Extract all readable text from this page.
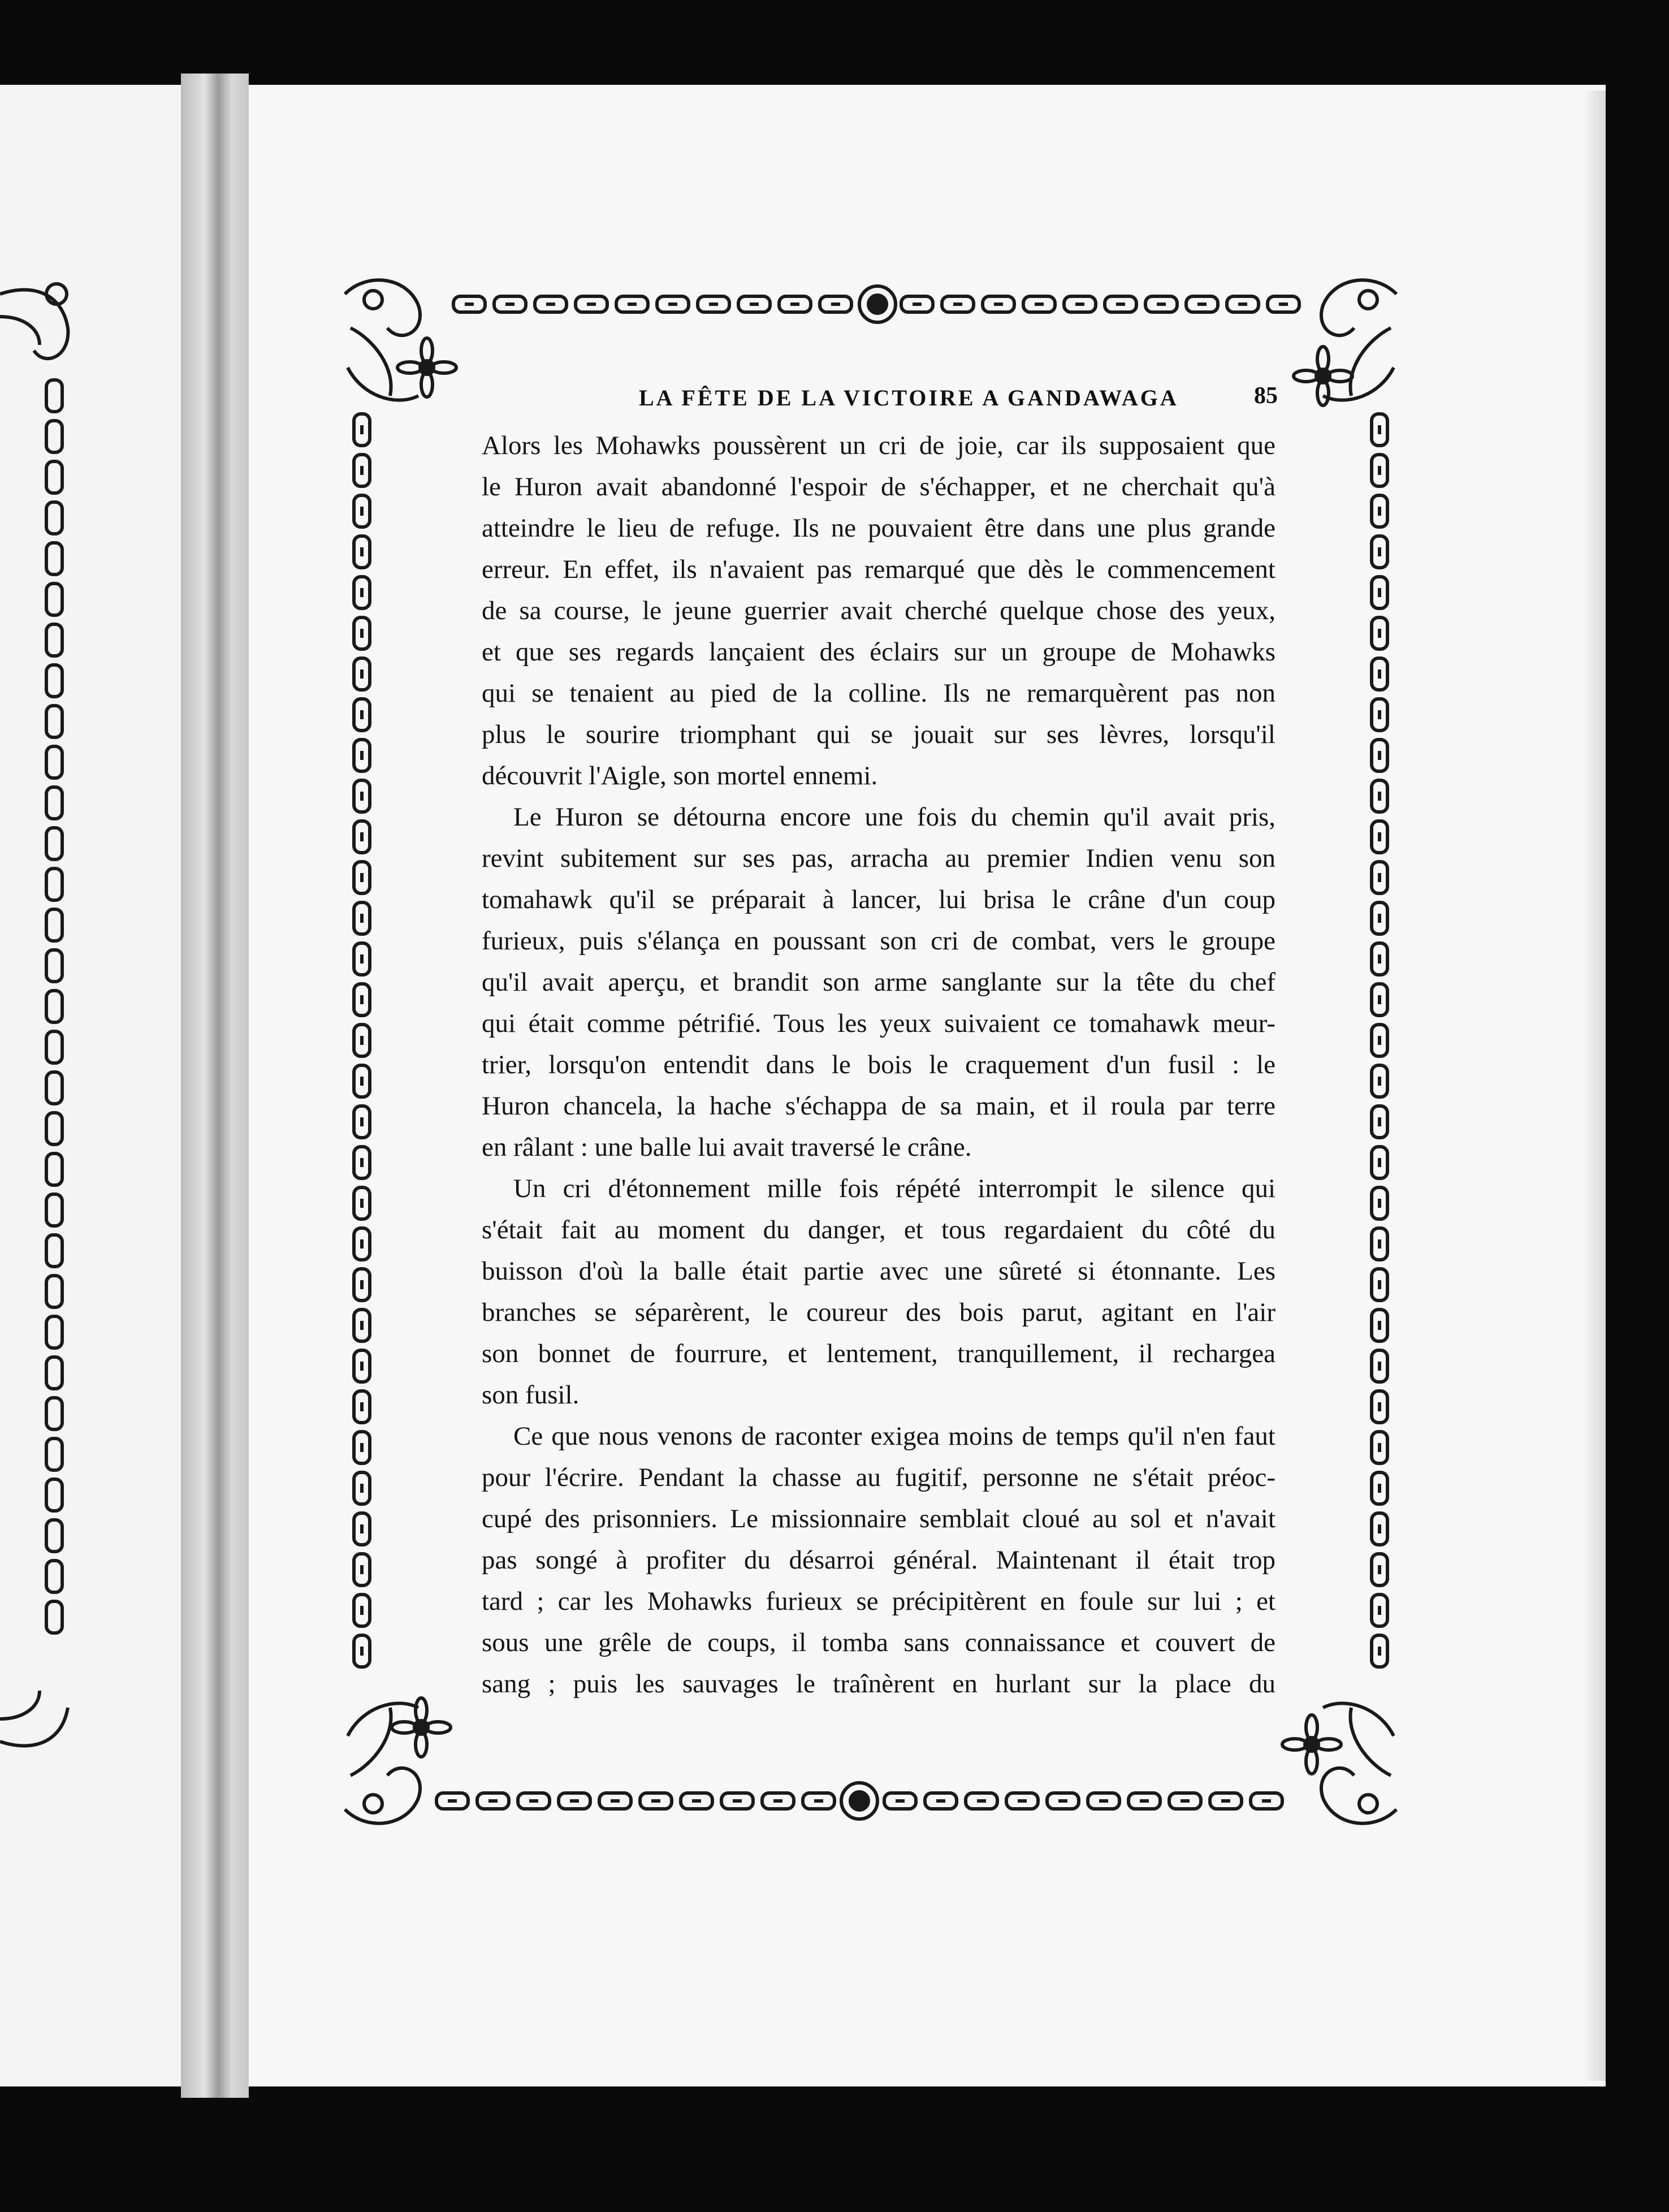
LA FÊTE DE LA VICTOIRE A GANDAWAGA	85
Alors les Mohawks poussèrent un cri de joie, car ils supposaient que
le Huron avait abandonné l'espoir de s'échapper, et ne cherchait qu'à
atteindre le lieu de refuge. Ils ne pouvaient être dans une plus grande
erreur. En effet, ils n'avaient pas remarqué que dès le commencement
de sa course, le jeune guerrier avait cherché quelque chose des yeux,
et que ses regards lançaient des éclairs sur un groupe de Mohawks
qui se tenaient au pied de la colline. Ils ne remarquèrent pas non
plus le sourire triomphant qui se jouait sur ses lèvres, lorsqu'il
découvrit l'Aigle, son mortel ennemi.
Le Huron se détourna encore une fois du chemin qu'il avait pris,
revint subitement sur ses pas, arracha au premier Indien venu son
tomahawk qu'il se préparait à lancer, lui brisa le crâne d'un coup
furieux, puis s'élança en poussant son cri de combat, vers le groupe
qu'il avait aperçu, et brandit son arme sanglante sur la tête du chef
qui était comme pétrifié. Tous les yeux suivaient ce tomahawk meur-
trier, lorsqu'on entendit dans le bois le craquement d'un fusil : le
Huron chancela, la hache s'échappa de sa main, et il roula par terre
en râlant : une balle lui avait traversé le crâne.
Un cri d'étonnement mille fois répété interrompit le silence qui
s'était fait au moment du danger, et tous regardaient du côté du
buisson d'où la balle était partie avec une sûreté si étonnante. Les
branches se séparèrent, le coureur des bois parut, agitant en l'air
son bonnet de fourrure, et lentement, tranquillement, il rechargea
son fusil.
Ce que nous venons de raconter exigea moins de temps qu'il n'en faut
pour l'écrire. Pendant la chasse au fugitif, personne ne s'était préoc-
cupé des prisonniers. Le missionnaire semblait cloué au sol et n'avait
pas songé à profiter du désarroi général. Maintenant il était trop
tard ; car les Mohawks furieux se précipitèrent en foule sur lui ; et
sous une grêle de coups, il tomba sans connaissance et couvert de
sang ; puis les sauvages le traînèrent en hurlant sur la place du
